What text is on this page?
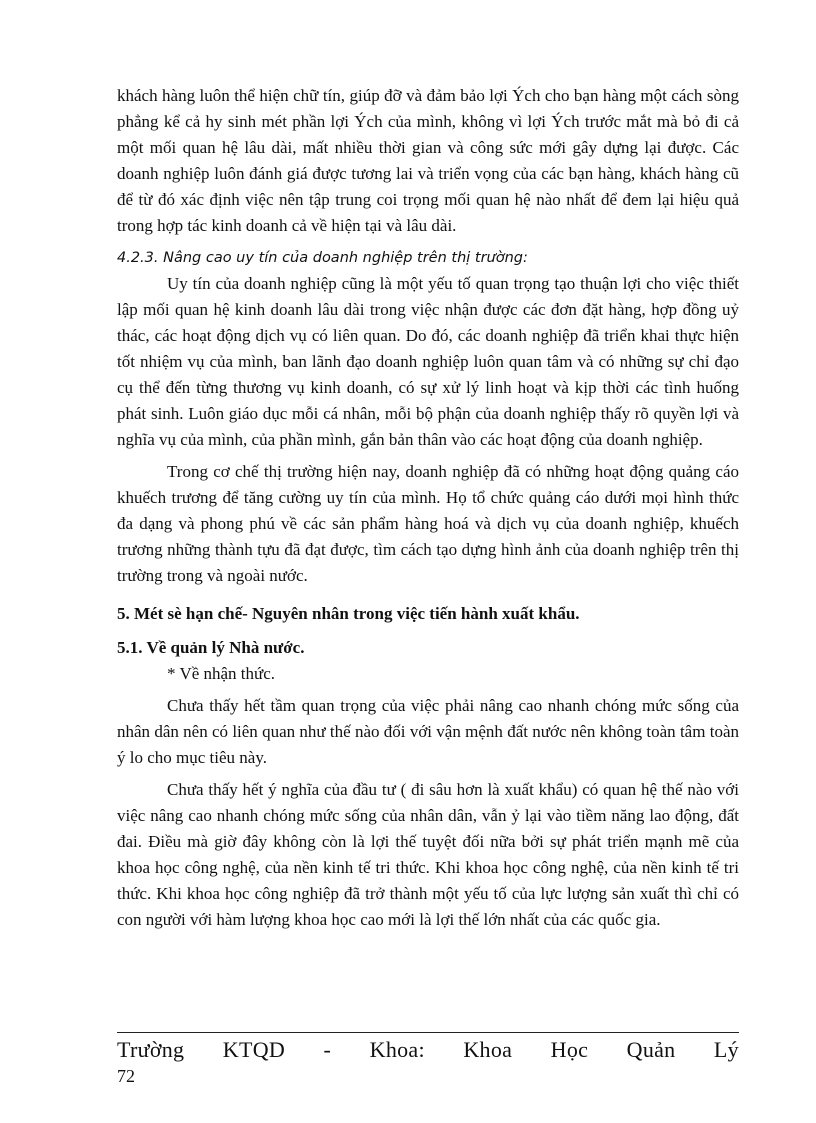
khách hàng luôn thể hiện chữ tín, giúp đỡ và đảm bảo lợi Ých cho bạn hàng một cách sòng phẳng kể cả hy sinh mét phần lợi Ých của mình, không vì lợi Ých trước mắt mà bỏ đi cả một mối quan hệ lâu dài, mất nhiều thời gian và công sức mới gây dựng lại được. Các doanh nghiệp luôn đánh giá được tương lai và triển vọng của các bạn hàng, khách hàng cũ để từ đó xác định việc nên tập trung coi trọng mối quan hệ nào nhất để đem lại hiệu quả trong hợp tác kinh doanh cả về hiện tại và lâu dài.

4.2.3. Nâng cao uy tín của doanh nghiệp trên thị trường:

Uy tín của doanh nghiệp cũng là một yếu tố quan trọng tạo thuận lợi cho việc thiết lập mối quan hệ kinh doanh lâu dài trong việc nhận được các đơn đặt hàng, hợp đồng uỷ thác, các hoạt động dịch vụ có liên quan. Do đó, các doanh nghiệp đã triển khai thực hiện tốt nhiệm vụ của mình, ban lãnh đạo doanh nghiệp luôn quan tâm và có những sự chỉ đạo cụ thể đến từng thương vụ kinh doanh, có sự xử lý linh hoạt và kịp thời các tình huống phát sinh. Luôn giáo dục mỗi cá nhân, mỗi bộ phận của doanh nghiệp thấy rõ quyền lợi và nghĩa vụ của mình, của phần mình, gắn bản thân vào các hoạt động của doanh nghiệp.

Trong cơ chế thị trường hiện nay, doanh nghiệp đã có những hoạt động quảng cáo khuếch trương để tăng cường uy tín của mình. Họ tổ chức quảng cáo dưới mọi hình thức đa dạng và phong phú về các sản phẩm hàng hoá và dịch vụ của doanh nghiệp, khuếch trương những thành tựu đã đạt được, tìm cách tạo dựng hình ảnh của doanh nghiệp trên thị trường trong và ngoài nước.

5. Mét sè hạn chế- Nguyên nhân trong việc tiến hành xuất khẩu.

5.1. Về quản lý Nhà nước.

* Về nhận thức.

Chưa thấy hết tầm quan trọng của việc phải nâng cao nhanh chóng mức sống của nhân dân nên có liên quan như thế nào đối với vận mệnh đất nước nên không toàn tâm toàn ý lo cho mục tiêu này.

Chưa thấy hết ý nghĩa của đầu tư ( đi sâu hơn là xuất khẩu) có quan hệ thế nào với việc nâng cao nhanh chóng mức sống của nhân dân, vẫn ỷ lại vào tiềm năng lao động, đất đai. Điều mà giờ đây không còn là lợi thế tuyệt đối nữa bởi sự phát triển mạnh mẽ của khoa học công nghệ, của nền kinh tế tri thức. Khi khoa học công nghệ, của nền kinh tế tri thức. Khi khoa học công nghiệp đã trở thành một yếu tố của lực lượng sản xuất thì chỉ có con người với hàm lượng khoa học cao mới là lợi thế lớn nhất của các quốc gia.

Trường KTQD - Khoa: Khoa Học Quản Lý
72
